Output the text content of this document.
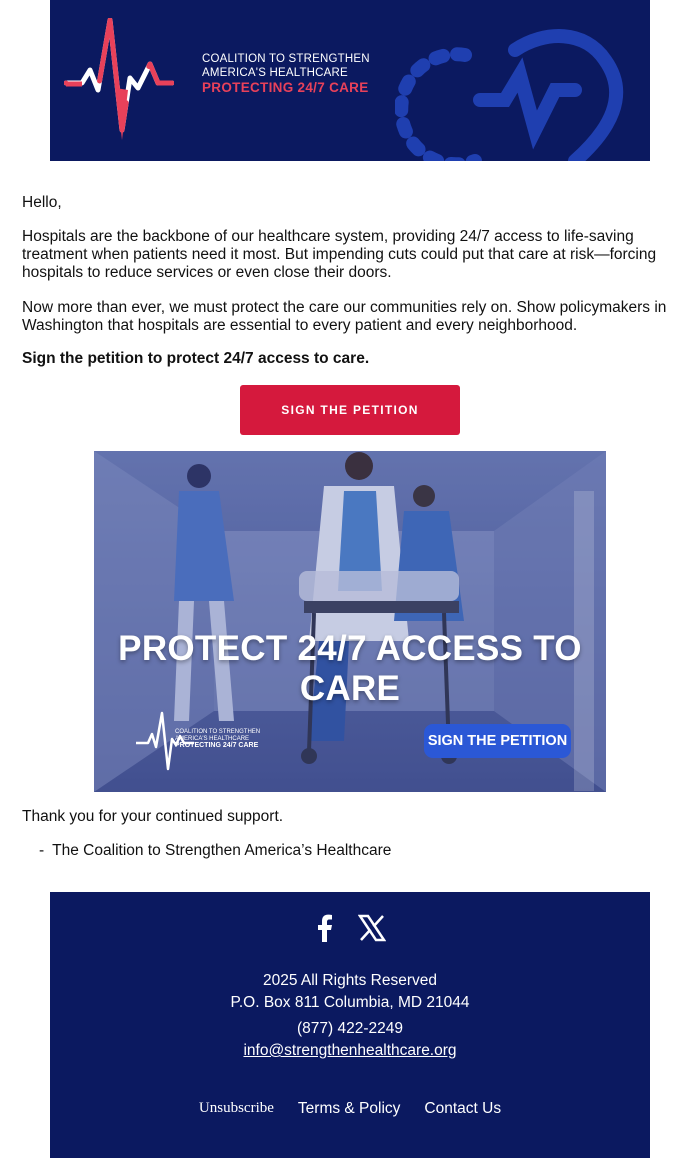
COALITION TO STRENGTHEN
AMERICA'S HEALTHCARE
PROTECTING 24/7 CARE
Hello,
Hospitals are the backbone of our healthcare system, providing 24/7 access to life-saving treatment when patients need it most. But impending cuts could put that care at risk—forcing hospitals to reduce services or even close their doors.
Now more than ever, we must protect the care our communities rely on. Show policymakers in Washington that hospitals are essential to every patient and every neighborhood.
Sign the petition to protect 24/7 access to care.
SIGN THE PETITION
PROTECT 24/7 ACCESS TO
CARE
COALITION TO STRENGTHEN
AMERICA'S HEALTHCARE
PROTECTING 24/7 CARE	SIGN THE PETITION
Thank you for your continued support.
- The Coalition to Strengthen America’s Healthcare
2025 All Rights Reserved
P.O. Box 811 Columbia, MD 21044
(877) 422-2249
info@strengthenhealthcare.org
Unsubscribe Terms & Policy Contact Us
